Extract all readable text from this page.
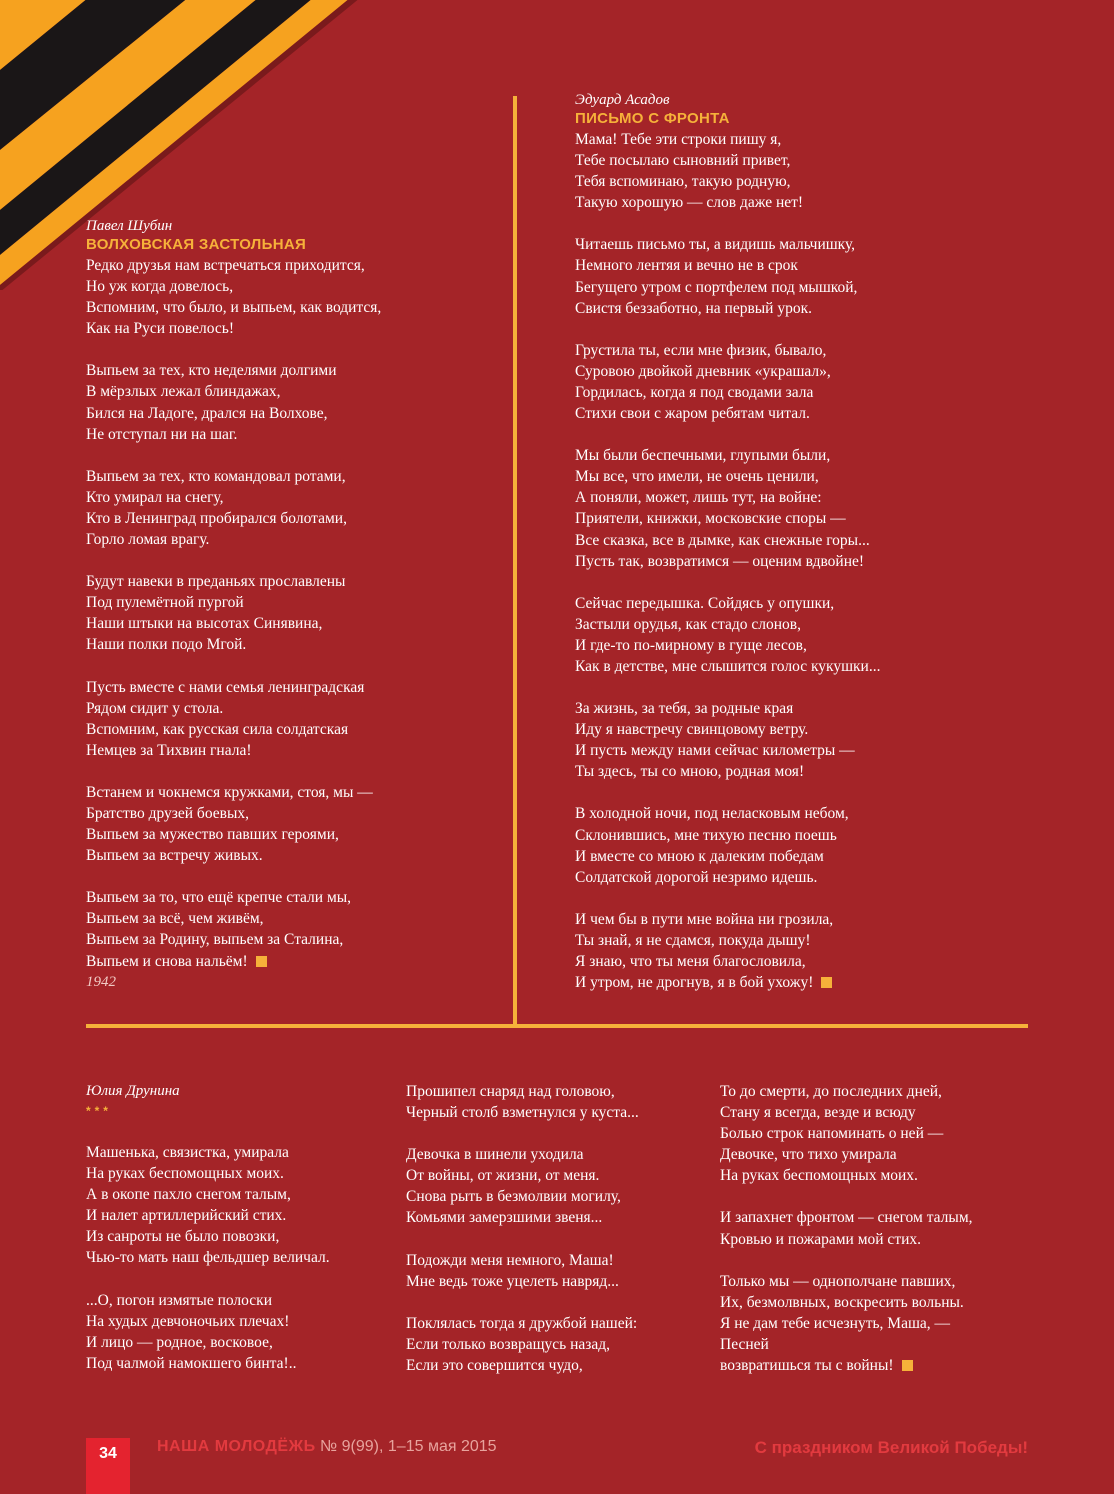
Павел Шубин

ВОЛХОВСКАЯ ЗАСТОЛЬНАЯ

Редко друзья нам встречаться приходится,
Но уж когда довелось,
Вспомним, что было, и выпьем, как водится,
Как на Руси повелось!
Выпьем за тех, кто неделями долгими
В мёрзлых лежал блиндажах,
Бился на Ладоге, дрался на Волхове,
Не отступал ни на шаг.
Выпьем за тех, кто командовал ротами,
Кто умирал на снегу,
Кто в Ленинград пробирался болотами,
Горло ломая врагу.
Будут навеки в преданьях прославлены
Под пулемётной пургой
Наши штыки на высотах Синявина,
Наши полки подо Мгой.
Пусть вместе с нами семья ленинградская
Рядом сидит у стола.
Вспомним, как русская сила солдатская
Немцев за Тихвин гнала!
Встанем и чокнемся кружками, стоя, мы —
Братство друзей боевых,
Выпьем за мужество павших героями,
Выпьем за встречу живых.
Выпьем за то, что ещё крепче стали мы,
Выпьем за всё, чем живём,
Выпьем за Родину, выпьем за Сталина,
Выпьем и снова нальём!
1942

Эдуард Асадов

ПИСЬМО С ФРОНТА

Мама! Тебе эти строки пишу я,
Тебе посылаю сыновний привет,
Тебя вспоминаю, такую родную,
Такую хорошую — слов даже нет!
Читаешь письмо ты, а видишь мальчишку,
Немного лентяя и вечно не в срок
Бегущего утром с портфелем под мышкой,
Свистя беззаботно, на первый урок.
Грустила ты, если мне физик, бывало,
Суровою двойкой дневник «украшал»,
Гордилась, когда я под сводами зала
Стихи свои с жаром ребятам читал.
Мы были беспечными, глупыми были,
Мы все, что имели, не очень ценили,
А поняли, может, лишь тут, на войне:
Приятели, книжки, московские споры —
Все сказка, все в дымке, как снежные горы...
Пусть так, возвратимся — оценим вдвойне!
Сейчас передышка. Сойдясь у опушки,
Застыли орудья, как стадо слонов,
И где-то по-мирному в гуще лесов,
Как в детстве, мне слышится голос кукушки...
За жизнь, за тебя, за родные края
Иду я навстречу свинцовому ветру.
И пусть между нами сейчас километры —
Ты здесь, ты со мною, родная моя!
В холодной ночи, под неласковым небом,
Склонившись, мне тихую песню поешь
И вместе со мною к далеким победам
Солдатской дорогой незримо идешь.
И чем бы в пути мне война ни грозила,
Ты знай, я не сдамся, покуда дышу!
Я знаю, что ты меня благословила,
И утром, не дрогнув, я в бой ухожу!

Юлия Друнина

* * *

Машенька, связистка, умирала
На руках беспомощных моих.
А в окопе пахло снегом талым,
И налет артиллерийский стих.
Из санроты не было повозки,
Чью-то мать наш фельдшер величал.
...О, погон измятые полоски
На худых девчоночьих плечах!
И лицо — родное, восковое,
Под чалмой намокшего бинта!..
Прошипел снаряд над головою,
Черный столб взметнулся у куста...
Девочка в шинели уходила
От войны, от жизни, от меня.
Снова рыть в безмолвии могилу,
Комьями замерзшими звеня...
Подожди меня немного, Маша!
Мне ведь тоже уцелеть навряд...
Поклялась тогда я дружбой нашей:
Если только возвращусь назад,
Если это совершится чудо,
То до смерти, до последних дней,
Стану я всегда, везде и всюду
Болью строк напоминать о ней —
Девочке, что тихо умирала
На руках беспомощных моих.
И запахнет фронтом — снегом талым,
Кровью и пожарами мой стих.
Только мы — однополчане павших,
Их, безмолвных, воскресить вольны.
Я не дам тебе исчезнуть, Маша, —
Песней
возвратишься ты с войны!
34	НАША МОЛОДЁЖЬ № 9(99), 1–15 мая 2015	С праздником Великой Победы!
